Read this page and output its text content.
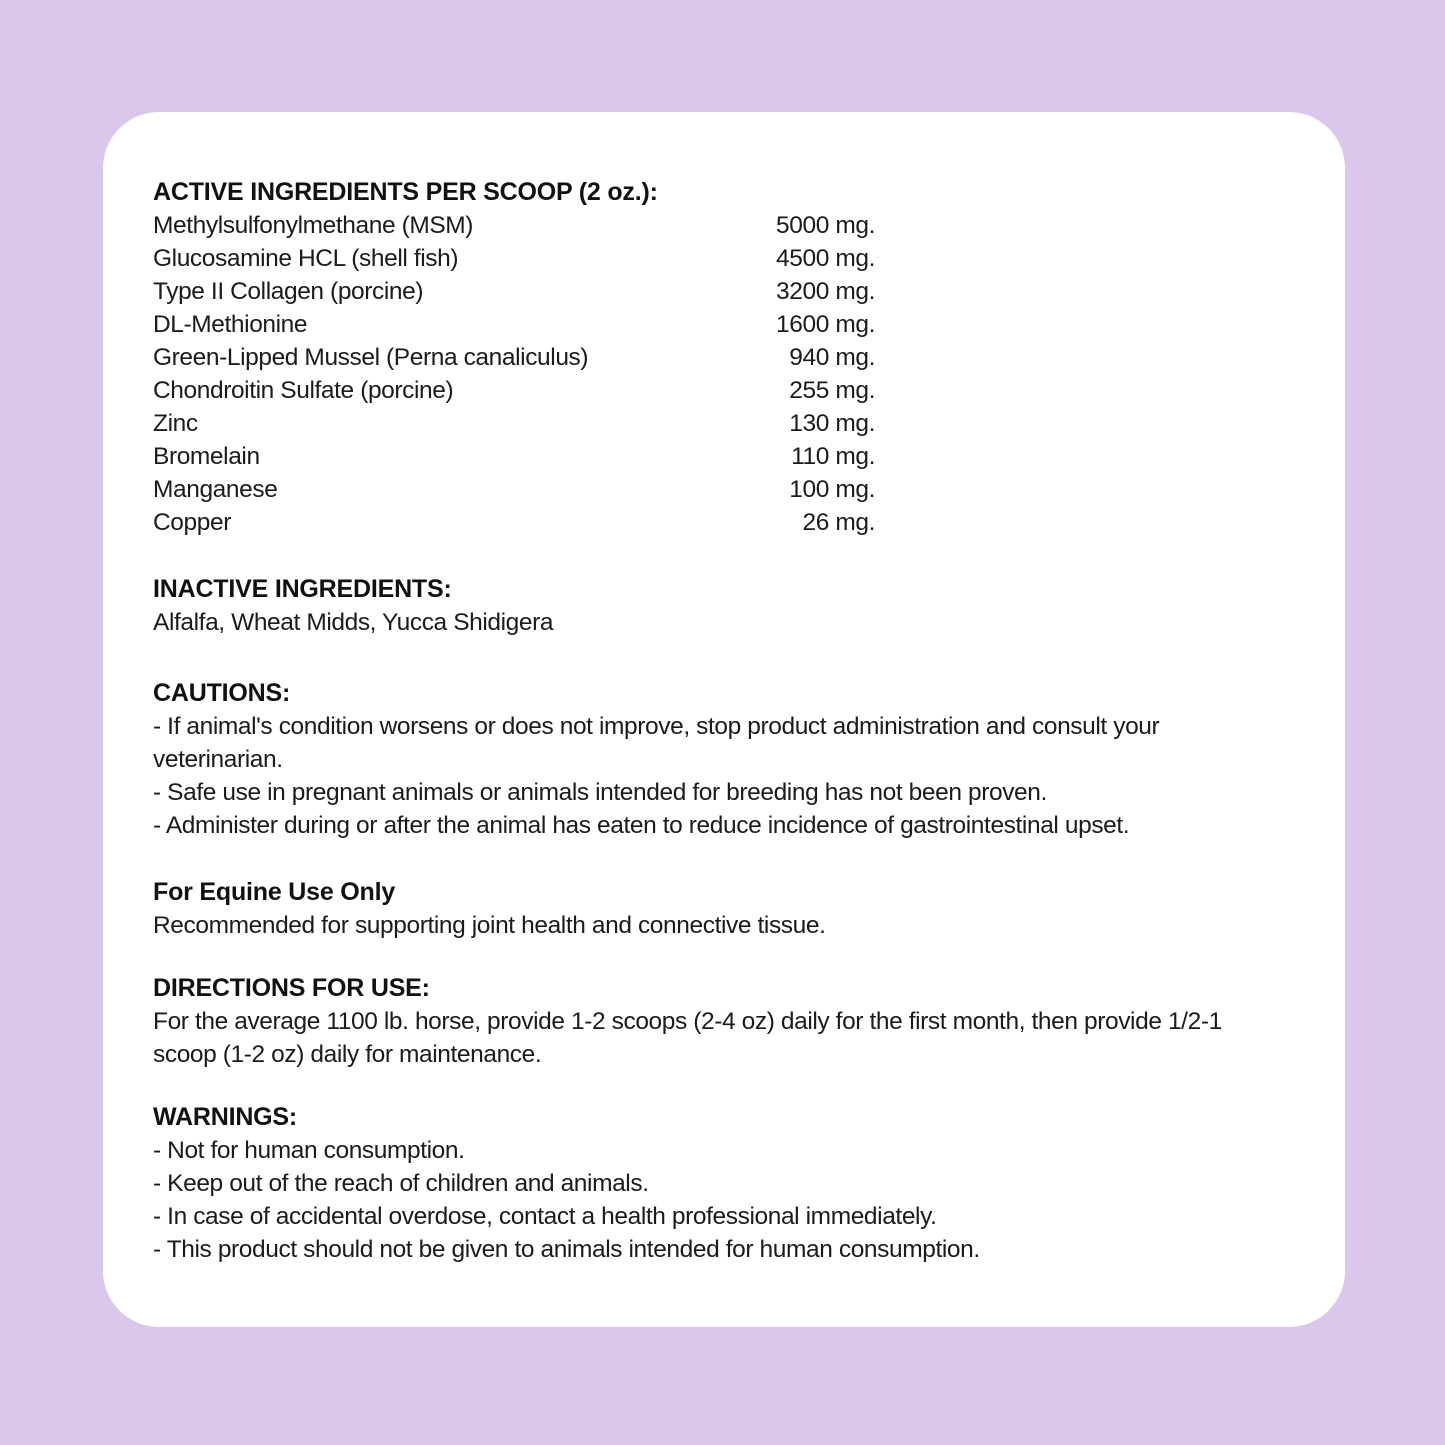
ACTIVE INGREDIENTS PER SCOOP (2 oz.):
Methylsulfonylmethane (MSM)	5000 mg.
Glucosamine HCL (shell fish)	4500 mg.
Type II Collagen (porcine)	3200 mg.
DL-Methionine	1600 mg.
Green-Lipped Mussel (Perna canaliculus)	940 mg.
Chondroitin Sulfate (porcine)	255 mg.
Zinc	130 mg.
Bromelain	110 mg.
Manganese	100 mg.
Copper	26 mg.
INACTIVE INGREDIENTS:

Alfalfa, Wheat Midds, Yucca Shidigera

CAUTIONS:

- If animal's condition worsens or does not improve, stop product administration and consult your veterinarian.

- Safe use in pregnant animals or animals intended for breeding has not been proven.

- Administer during or after the animal has eaten to reduce incidence of gastrointestinal upset.

For Equine Use Only

Recommended for supporting joint health and connective tissue.

DIRECTIONS FOR USE:

For the average 1100 lb. horse, provide 1-2 scoops (2-4 oz) daily for the first month, then provide 1/2-1 scoop (1-2 oz) daily for maintenance.

WARNINGS:

- Not for human consumption.

- Keep out of the reach of children and animals.

- In case of accidental overdose, contact a health professional immediately.

- This product should not be given to animals intended for human consumption.
